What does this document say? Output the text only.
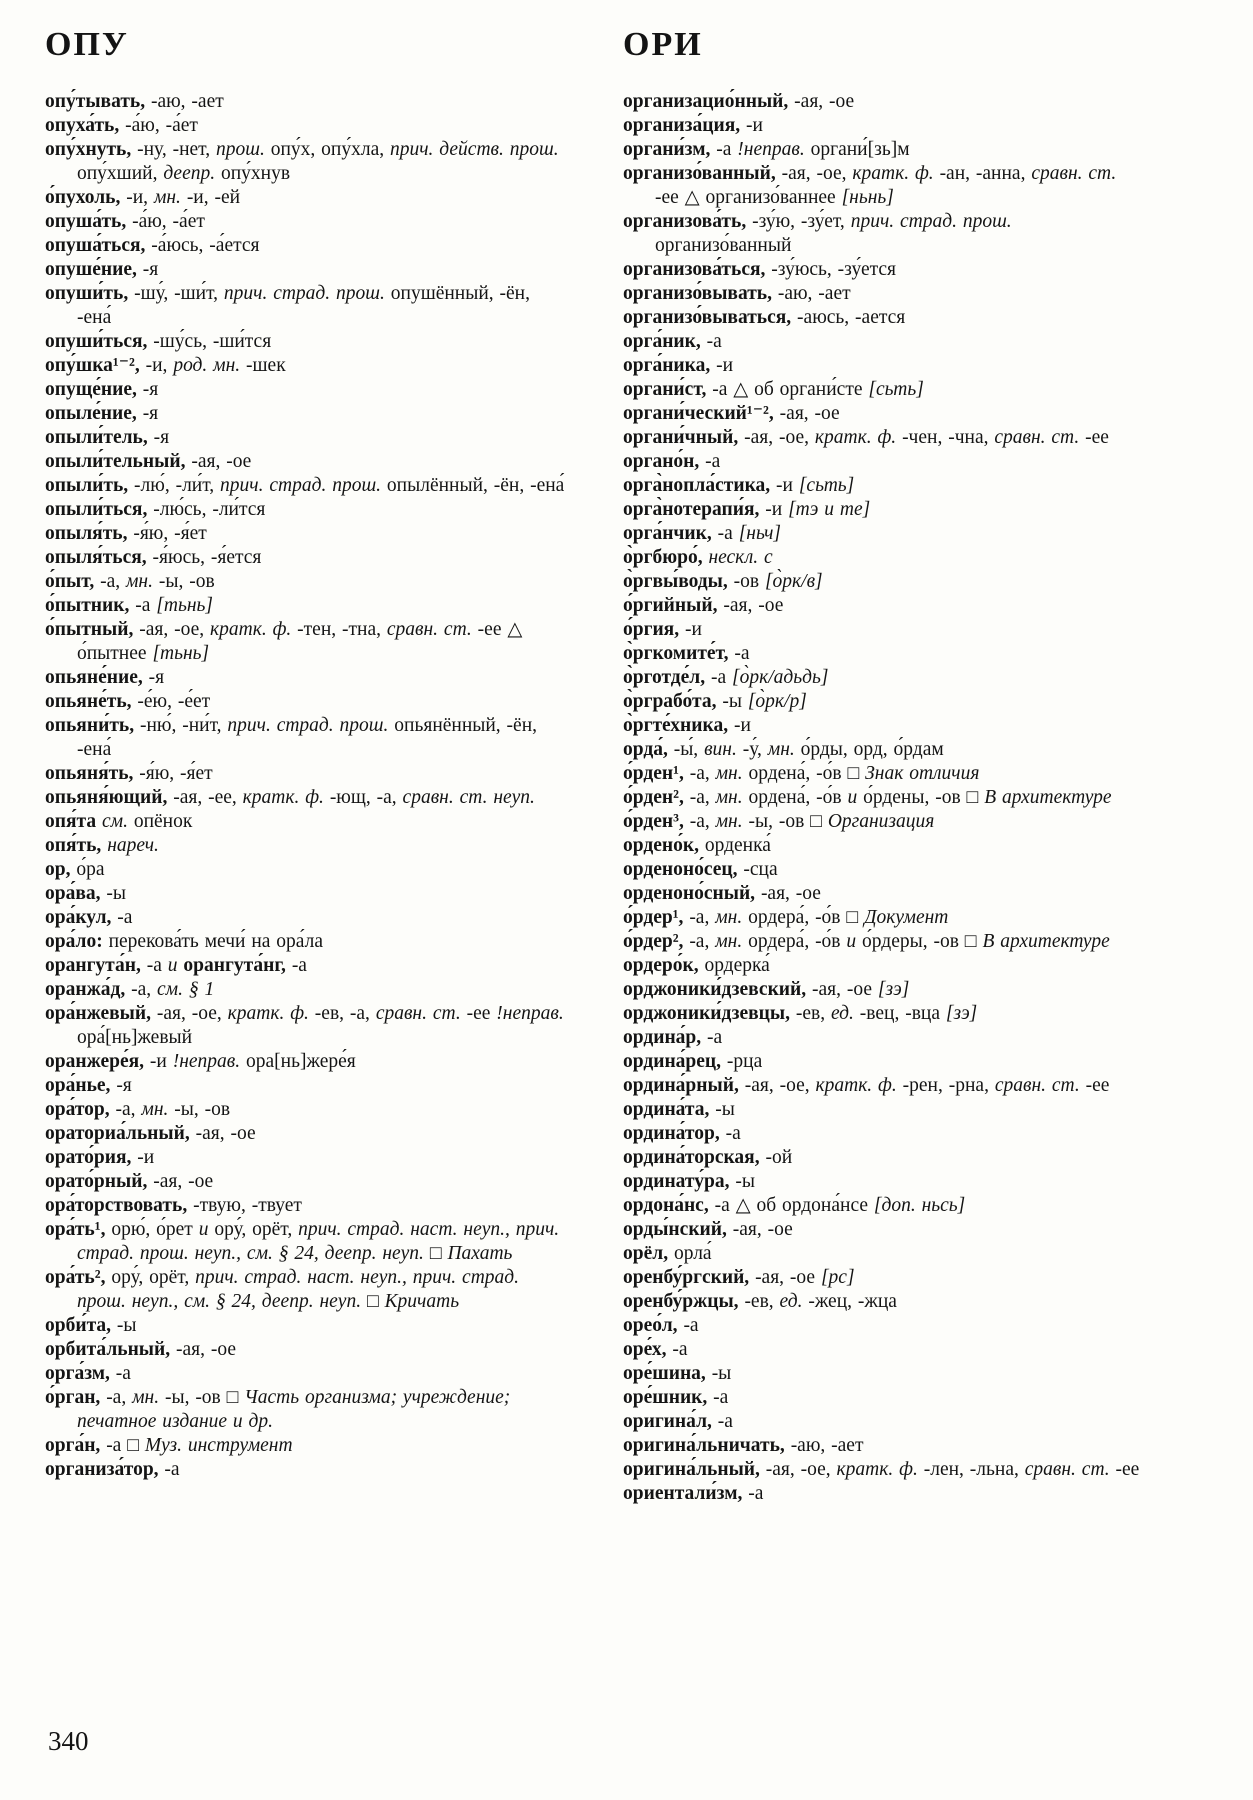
ОПУ

опу́тывать, -аю, -ает

опуха́ть, -а́ю, -а́ет

опу́хнуть, -ну, -нет, прош. опу́х, опу́хла, прич. действ. прош. опу́хший, деепр. опу́хнув

о́пухоль, -и, мн. -и, -ей

опуша́ть, -а́ю, -а́ет

опуша́ться, -а́юсь, -а́ется

опуше́ние, -я

опуши́ть, -шу́, -ши́т, прич. страд. прош. опушённый, -ён, -ена́

опуши́ться, -шу́сь, -ши́тся

опу́шка¹⁻², -и, род. мн. -шек

опуще́ние, -я

опыле́ние, -я

опыли́тель, -я

опыли́тельный, -ая, -ое

опыли́ть, -лю́, -ли́т, прич. страд. прош. опылённый, -ён, -ена́

опыли́ться, -лю́сь, -ли́тся

опыля́ть, -я́ю, -я́ет

опыля́ться, -я́юсь, -я́ется

о́пыт, -а, мн. -ы, -ов

о́пытник, -а [тьнь]

о́пытный, -ая, -ое, кратк. ф. -тен, -тна, сравн. ст. -ее △ о́пытнее [тьнь]

опьяне́ние, -я

опьяне́ть, -е́ю, -е́ет

опьяни́ть, -ню́, -ни́т, прич. страд. прош. опьянённый, -ён, -ена́

опьяня́ть, -я́ю, -я́ет

опьяня́ющий, -ая, -ее, кратк. ф. -ющ, -а, сравн. ст. неуп.

опя́та см. опёнок

опя́ть, нареч.

ор, о́ра

ора́ва, -ы

ора́кул, -а

ора́ло: перекова́ть мечи́ на ора́ла

орангута́н, -а и орангута́нг, -а

оранжа́д, -а, см. § 1

ора́нжевый, -ая, -ое, кратк. ф. -ев, -а, сравн. ст. -ее !неправ. ора́[нь]жевый

оранжере́я, -и !неправ. ора[нь]жере́я

ора́нье, -я

ора́тор, -а, мн. -ы, -ов

ораториа́льный, -ая, -ое

орато́рия, -и

орато́рный, -ая, -ое

ора́торствовать, -твую, -твует

ора́ть¹, орю́, о́рет и ору́, орёт, прич. страд. наст. неуп., прич. страд. прош. неуп., см. § 24, деепр. неуп. □ Пахать

ора́ть², ору́, орёт, прич. страд. наст. неуп., прич. страд. прош. неуп., см. § 24, деепр. неуп. □ Кричать

орби́та, -ы

орбита́льный, -ая, -ое

орга́зм, -а

о́рган, -а, мн. -ы, -ов □ Часть организма; учреждение; печатное издание и др.

орга́н, -а □ Муз. инструмент

организа́тор, -а

ОРИ

организацио́нный, -ая, -ое

организа́ция, -и

органи́зм, -а !неправ. органи́[зь]м

организо́ванный, -ая, -ое, кратк. ф. -ан, -анна, сравн. ст. -ее △ организо́ваннее [ньнь]

организова́ть, -зу́ю, -зу́ет, прич. страд. прош. организо́ванный

организова́ться, -зу́юсь, -зу́ется

организо́вывать, -аю, -ает

организо́вываться, -аюсь, -ается

орга́ник, -а

орга́ника, -и

органи́ст, -а △ об органи́сте [сьть]

органи́ческий¹⁻², -ая, -ое

органи́чный, -ая, -ое, кратк. ф. -чен, -чна, сравн. ст. -ее

органо́н, -а

орга̀нопла́стика, -и [сьть]

орга̀нотерапи́я, -и [тэ и те]

орга́нчик, -а [ньч]

о̀ргбюро́, нескл. с

о̀ргвы́воды, -ов [о̀рк/в]

о́ргийный, -ая, -ое

о́ргия, -и

о̀ргкомите́т, -а

о̀рготде́л, -а [о̀рк/адьдь]

о̀рграбо́та, -ы [о̀рк/р]

о̀ргте́хника, -и

орда́, -ы́, вин. -у́, мн. о́рды, орд, о́рдам

о́рден¹, -а, мн. ордена́, -о́в □ Знак отличия

о́рден², -а, мн. ордена́, -о́в и о́рдены, -ов □ В архитектуре

о́рден³, -а, мн. -ы, -ов □ Организация

ордено́к, орденка́

орденоно́сец, -сца

орденоно́сный, -ая, -ое

о́рдер¹, -а, мн. ордера́, -о́в □ Документ

о́рдер², -а, мн. ордера́, -о́в и о́рдеры, -ов □ В архитектуре

ордеро́к, ордерка́

орджоники́дзевский, -ая, -ое [зэ]

орджоники́дзевцы, -ев, ед. -вец, -вца [зэ]

ордина́р, -а

ордина́рец, -рца

ордина́рный, -ая, -ое, кратк. ф. -рен, -рна, сравн. ст. -ее

ордина́та, -ы

ордина́тор, -а

ордина́торская, -ой

ординату́ра, -ы

ордона́нс, -а △ об ордона́нсе [доп. ньсь]

орды́нский, -ая, -ое

орёл, орла́

оренбу́ргский, -ая, -ое [рс]

оренбу́ржцы, -ев, ед. -жец, -жца

орео́л, -а

оре́х, -а

оре́шина, -ы

оре́шник, -а

оригина́л, -а

оригина́льничать, -аю, -ает

оригина́льный, -ая, -ое, кратк. ф. -лен, -льна, сравн. ст. -ее

ориентали́зм, -а

340
